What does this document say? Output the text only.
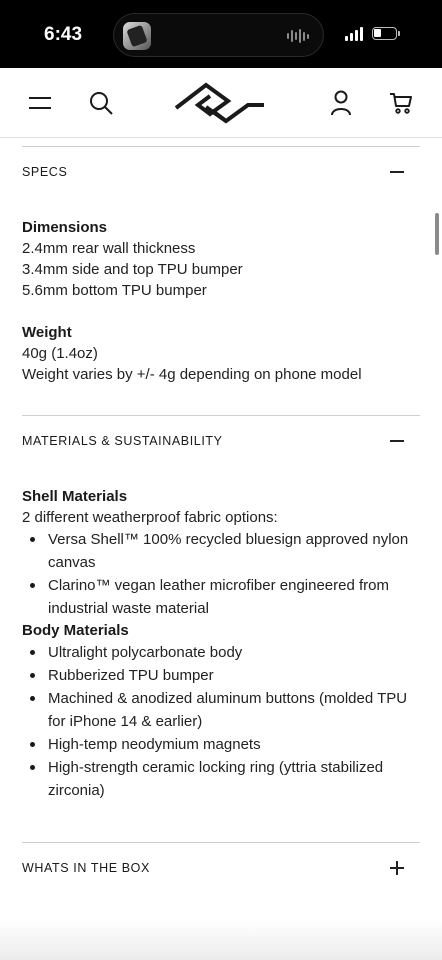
6:43
SPECS
Dimensions
2.4mm rear wall thickness
3.4mm side and top TPU bumper
5.6mm bottom TPU bumper
Weight
40g (1.4oz)
Weight varies by +/- 4g depending on phone model
MATERIALS & SUSTAINABILITY
Shell Materials
2 different weatherproof fabric options:
Versa Shell™ 100% recycled bluesign approved nylon canvas
Clarino™ vegan leather microfiber engineered from industrial waste material
Body Materials
Ultralight polycarbonate body
Rubberized TPU bumper
Machined & anodized aluminum buttons (molded TPU for iPhone 14 & earlier)
High-temp neodymium magnets
High-strength ceramic locking ring (yttria stabilized zirconia)
WHATS IN THE BOX
